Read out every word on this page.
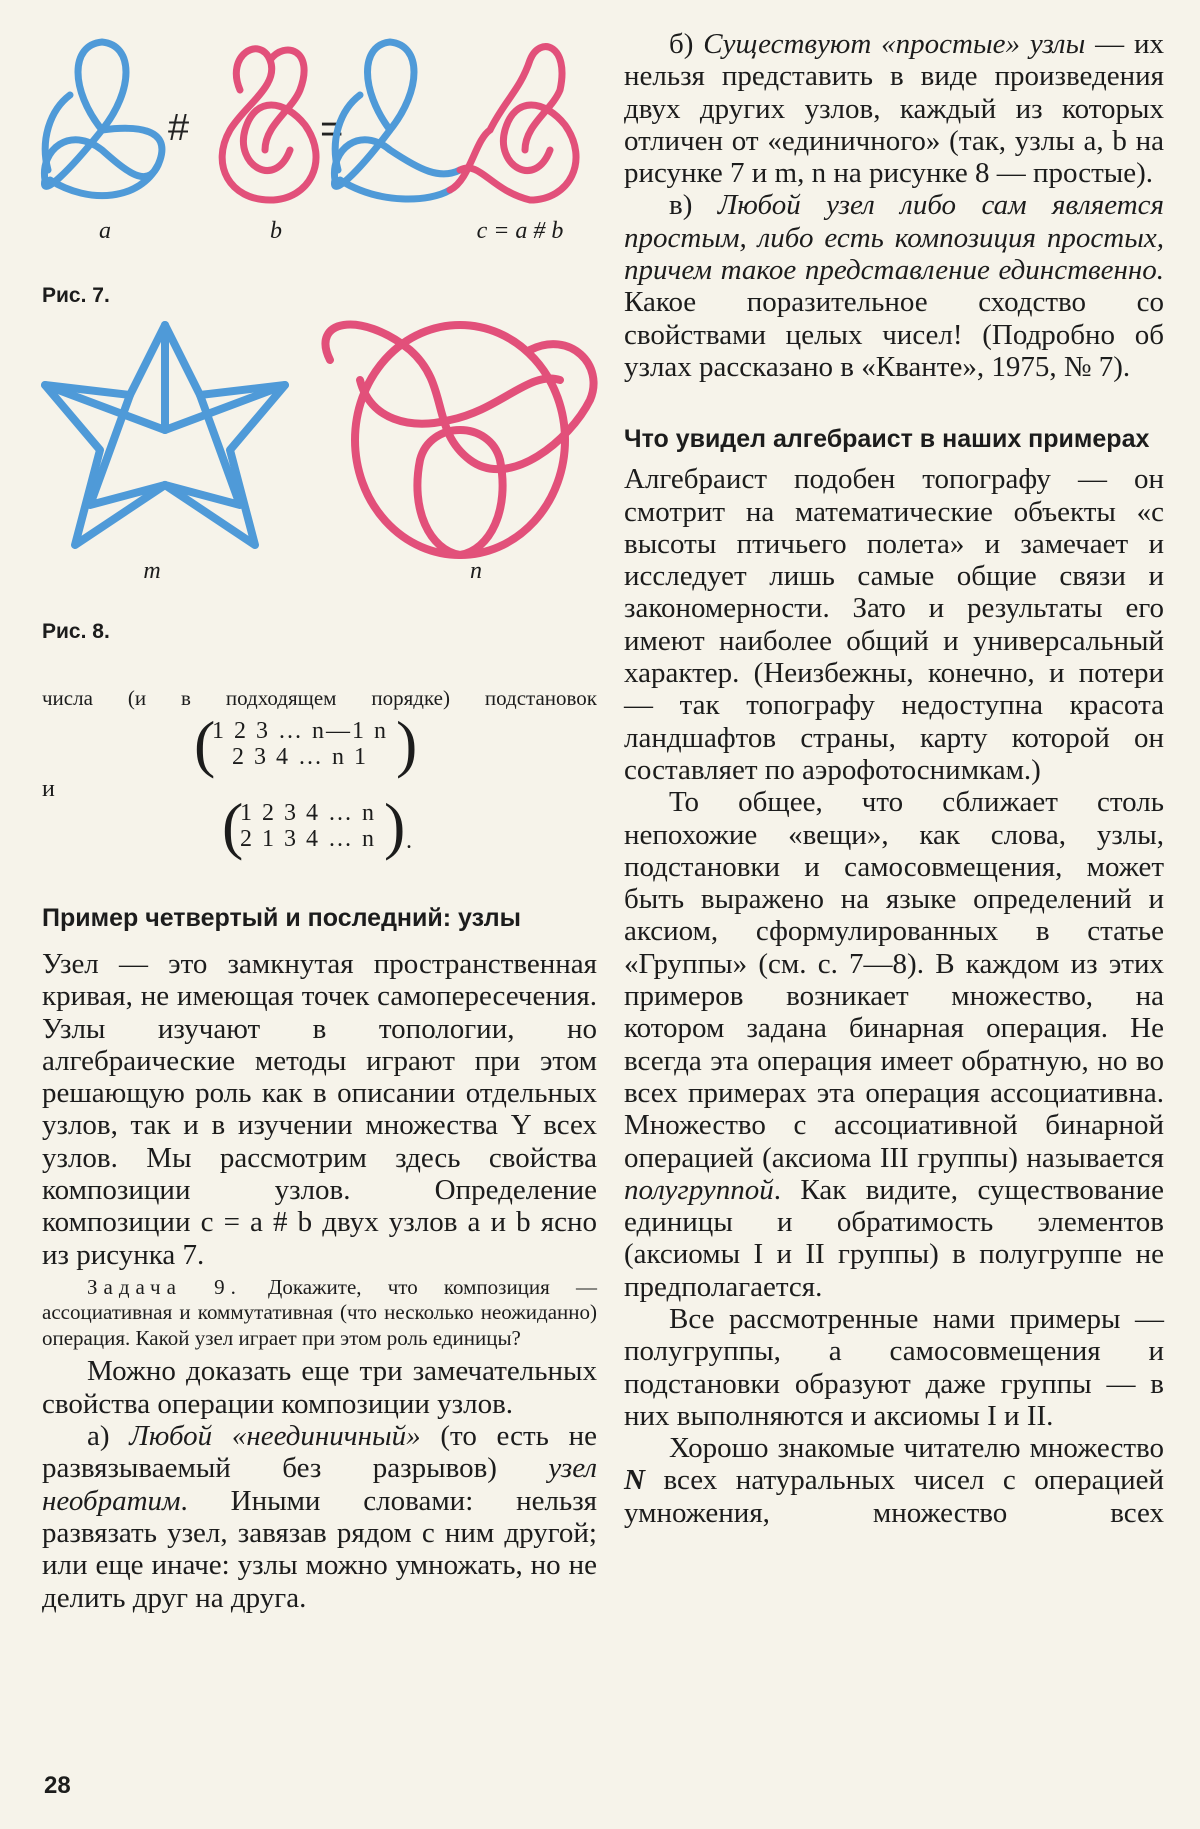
#	=
a	b	c = a # b
Рис. 7.
m	n
Рис. 8.
числа (и в подходящем порядке) подстановок
(
1 2 3 … n—1 n
2 3 4 … n 1 )
и
(
1 2 3 4 … n
2 1 3 4 … n ) .
Пример четвертый и последний: узлы

Узел — это замкнутая пространственная кривая, не имеющая точек самопересечения. Узлы изучают в топологии, но алгебраические методы играют при этом решающую роль как в описании отдельных узлов, так и в изучении множества Y всех узлов. Мы рассмотрим здесь свойства композиции узлов. Определение композиции c = a # b двух узлов a и b ясно из рисунка 7.

Задача 9. Докажите, что композиция — ассоциативная и коммутативная (что несколько неожиданно) операция. Какой узел играет при этом роль единицы?

Можно доказать еще три замечательных свойства операции композиции узлов.

а) Любой «неединичный» (то есть не развязываемый без разрывов) узел необратим. Иными словами: нельзя развязать узел, завязав рядом с ним другой; или еще иначе: узлы можно умножать, но не делить друг на друга.

28

б) Существуют «простые» узлы — их нельзя представить в виде произведения двух других узлов, каждый из которых отличен от «единичного» (так, узлы a, b на рисунке 7 и m, n на рисунке 8 — простые).

в) Любой узел либо сам является простым, либо есть композиция простых, причем такое представление единственно. Какое поразительное сходство со свойствами целых чисел! (Подробно об узлах рассказано в «Кванте», 1975, № 7).

Что увидел алгебраист в наших примерах

Алгебраист подобен топографу — он смотрит на математические объекты «с высоты птичьего полета» и замечает и исследует лишь самые общие связи и закономерности. Зато и результаты его имеют наиболее общий и универсальный характер. (Неизбежны, конечно, и потери — так топографу недоступна красота ландшафтов страны, карту которой он составляет по аэрофотоснимкам.)

То общее, что сближает столь непохожие «вещи», как слова, узлы, подстановки и самосовмещения, может быть выражено на языке определений и аксиом, сформулированных в статье «Группы» (см. с. 7—8). В каждом из этих примеров возникает множество, на котором задана бинарная операция. Не всегда эта операция имеет обратную, но во всех примерах эта операция ассоциативна. Множество с ассоциативной бинарной операцией (аксиома III группы) называется полугруппой. Как видите, существование единицы и обратимость элементов (аксиомы I и II группы) в полугруппе не предполагается.

Все рассмотренные нами примеры — полугруппы, а самосовмещения и подстановки образуют даже группы — в них выполняются и аксиомы I и II.

Хорошо знакомые читателю множество N всех натуральных чисел с операцией умножения, множество всех
